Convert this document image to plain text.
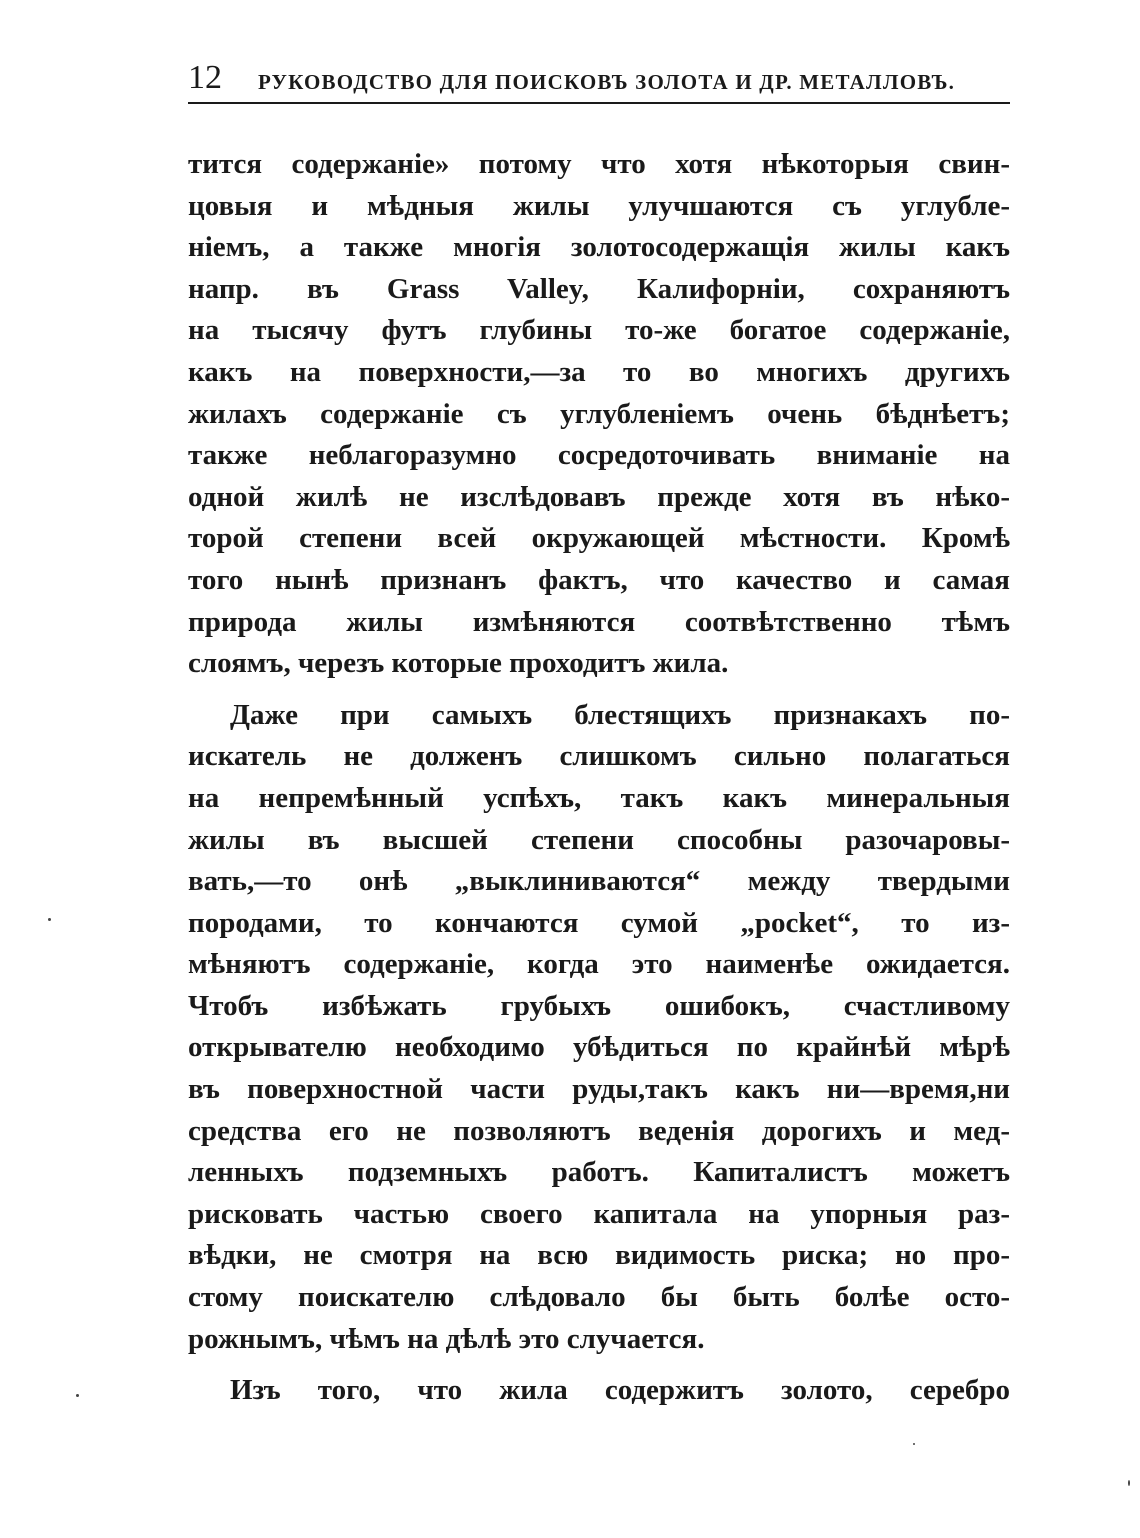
12 РУКОВОДСТВО ДЛЯ ПОИСКОВЪ ЗОЛОТА И ДР. МЕТАЛЛОВЪ.
тится содержаніе» потому что хотя нѣкоторыя свин-
цовыя и мѣдныя жилы улучшаются съ углубле-
ніемъ, а также многія золотосодержащія жилы какъ
напр. въ Grass Valley, Калифорніи, сохраняютъ
на тысячу футъ глубины то-же богатое содержаніе,
какъ на поверхности,—за то во многихъ другихъ
жилахъ содержаніе съ углубленіемъ очень бѣднѣетъ;
также неблагоразумно сосредоточивать вниманіе на
одной жилѣ не изслѣдовавъ прежде хотя въ нѣко-
торой степени всей окружающей мѣстности. Кромѣ
того нынѣ признанъ фактъ, что качество и самая
природа жилы измѣняются соотвѣтственно тѣмъ
слоямъ, черезъ которые проходитъ жила.
Даже при самыхъ блестящихъ признакахъ по-
искатель не долженъ слишкомъ сильно полагаться
на непремѣнный успѣхъ, такъ какъ минеральныя
жилы въ высшей степени способны разочаровы-
вать,—то онѣ „выклиниваются“ между твердыми
породами, то кончаются сумой „pocket“, то из-
мѣняютъ содержаніе, когда это наименѣе ожидается.
Чтобъ избѣжать грубыхъ ошибокъ, счастливому
открывателю необходимо убѣдиться по крайнѣй мѣрѣ
въ поверхностной части руды,такъ какъ ни—время,ни
средства его не позволяютъ веденія дорогихъ и мед-
ленныхъ подземныхъ работъ. Капиталистъ можетъ
рисковать частью своего капитала на упорныя раз-
вѣдки, не смотря на всю видимость риска; но про-
стому поискателю слѣдовало бы быть болѣе осто-
рожнымъ, чѣмъ на дѣлѣ это случается.
Изъ того, что жила содержитъ золото, серебро
